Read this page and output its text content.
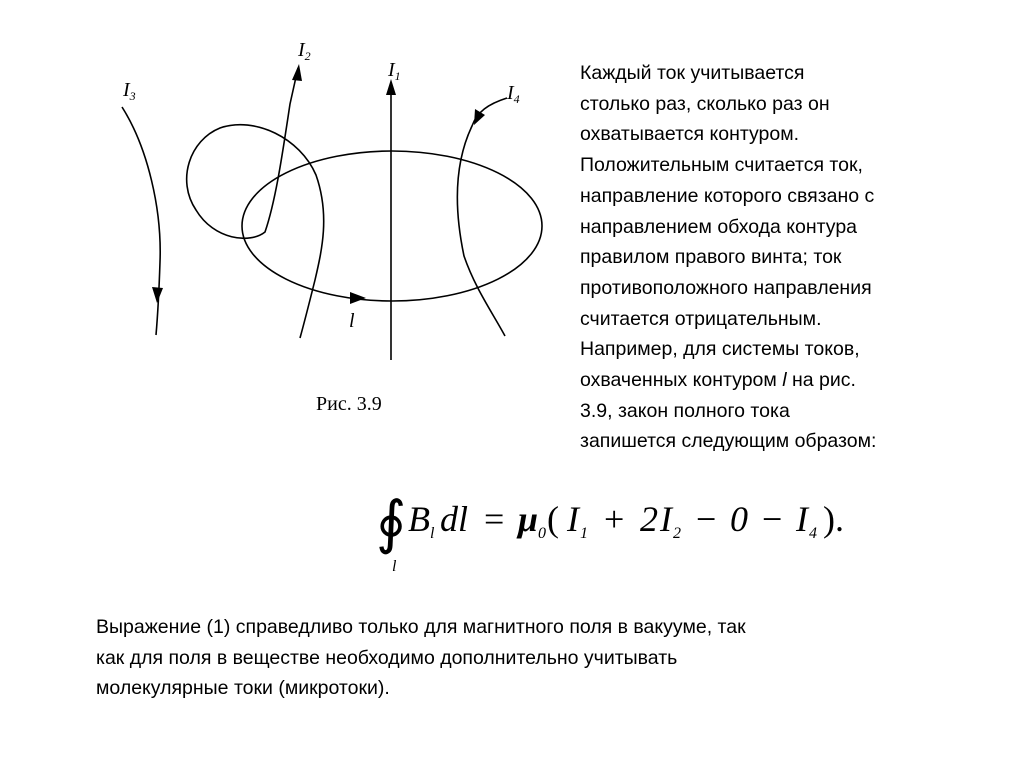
$I_1$
$I_2$
$I_3$	$I_4$
l
Рис. 3.9

Каждый ток учитывается
столько раз, сколько раз он
охватывается контуром.
Положительным считается ток,
направление которого связано с
направлением обхода контура
правилом правого винта; ток
противоположного направления
считается отрицательным.
Например, для системы токов,
охваченных контуром l на рис.
3.9, закон полного тока
запишется следующим образом:

∮
l
B l dl = μ 0 ( I 1 + 2 I 2 − 0 − I 4 ).

Выражение (1) справедливо только для магнитного поля в вакууме, так
как для поля в веществе необходимо дополнительно учитывать
молекулярные токи (микротоки).
